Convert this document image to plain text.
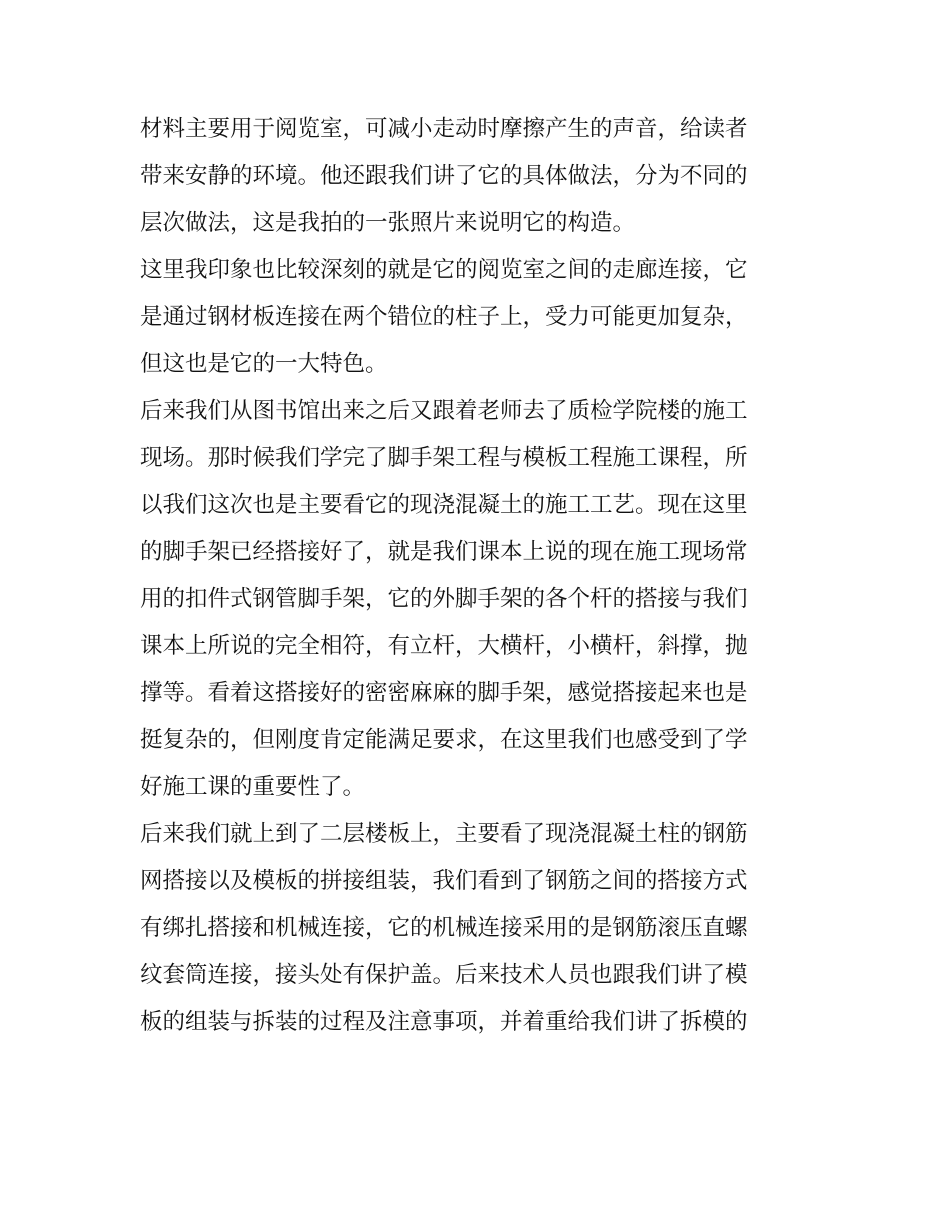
材料主要用于阅览室，可减小走动时摩擦产生的声音，给读者
带来安静的环境。他还跟我们讲了它的具体做法，分为不同的
层次做法，这是我拍的一张照片来说明它的构造。
这里我印象也比较深刻的就是它的阅览室之间的走廊连接，它
是通过钢材板连接在两个错位的柱子上，受力可能更加复杂，
但这也是它的一大特色。
后来我们从图书馆出来之后又跟着老师去了质检学院楼的施工
现场。那时候我们学完了脚手架工程与模板工程施工课程，所
以我们这次也是主要看它的现浇混凝土的施工工艺。现在这里
的脚手架已经搭接好了，就是我们课本上说的现在施工现场常
用的扣件式钢管脚手架，它的外脚手架的各个杆的搭接与我们
课本上所说的完全相符，有立杆，大横杆，小横杆，斜撑，抛
撑等。看着这搭接好的密密麻麻的脚手架，感觉搭接起来也是
挺复杂的，但刚度肯定能满足要求，在这里我们也感受到了学
好施工课的重要性了。
后来我们就上到了二层楼板上，主要看了现浇混凝土柱的钢筋
网搭接以及模板的拼接组装，我们看到了钢筋之间的搭接方式
有绑扎搭接和机械连接，它的机械连接采用的是钢筋滚压直螺
纹套筒连接，接头处有保护盖。后来技术人员也跟我们讲了模
板的组装与拆装的过程及注意事项，并着重给我们讲了拆模的
